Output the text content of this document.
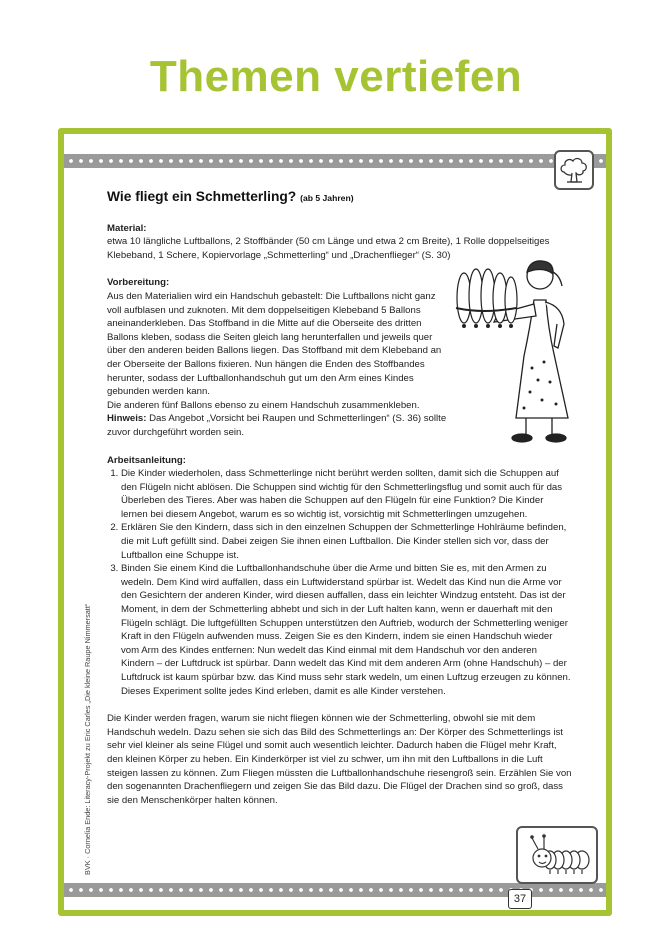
Themen vertiefen
37
BVK · Cornelia Ende: Literacy-Projekt zu Eric Carles „Die kleine Raupe Nimmersatt“
Wie fliegt ein Schmetterling? (ab 5 Jahren)

Material:

etwa 10 längliche Luftballons, 2 Stoffbänder (50 cm Länge und etwa 2 cm Breite), 1 Rolle doppelseitiges Klebeband, 1 Schere, Kopiervorlage „Schmetterling“ und „Drachenflieger“ (S. 30)

Vorbereitung:

Aus den Materialien wird ein Handschuh gebastelt: Die Luftballons nicht ganz voll aufblasen und zuknoten. Mit dem doppelseitigen Klebeband 5 Ballons aneinanderkleben. Das Stoffband in die Mitte auf die Oberseite des dritten Ballons kleben, sodass die Seiten gleich lang herunterfallen und jeweils quer über den anderen beiden Ballons liegen. Das Stoffband mit dem Klebeband an der Oberseite der Ballons fixieren. Nun hängen die Enden des Stoffbandes herunter, sodass der Luftballonhandschuh gut um den Arm eines Kindes gebunden werden kann.

Die anderen fünf Ballons ebenso zu einem Handschuh zusammenkleben.

Hinweis: Das Angebot „Vorsicht bei Raupen und Schmetterlingen“ (S. 36) sollte zuvor durchgeführt worden sein.

Arbeitsanleitung:

1. Die Kinder wiederholen, dass Schmetterlinge nicht berührt werden sollten, damit sich die Schuppen auf den Flügeln nicht ablösen. Die Schuppen sind wichtig für den Schmetterlingsflug und somit auch für das Überleben des Tieres. Aber was haben die Schuppen auf den Flügeln für eine Funktion? Die Kinder lernen bei diesem Angebot, warum es so wichtig ist, vorsichtig mit Schmetterlingen umzugehen.
2. Erklären Sie den Kindern, dass sich in den einzelnen Schuppen der Schmetterlinge Hohlräume befinden, die mit Luft gefüllt sind. Dabei zeigen Sie ihnen einen Luftballon. Die Kinder stellen sich vor, dass der Luftballon eine Schuppe ist.
3. Binden Sie einem Kind die Luftballonhandschuhe über die Arme und bitten Sie es, mit den Armen zu wedeln. Dem Kind wird auffallen, dass ein Luftwiderstand spürbar ist. Wedelt das Kind nun die Arme vor den Gesichtern der anderen Kinder, wird diesen auffallen, dass ein leichter Windzug entsteht. Das ist der Moment, in dem der Schmetterling abhebt und sich in der Luft halten kann, wenn er dauerhaft mit den Flügeln schlägt. Die luftgefüllten Schuppen unterstützen den Auftrieb, wodurch der Schmetterling weniger Kraft in den Flügeln aufwenden muss. Zeigen Sie es den Kindern, indem sie einen Handschuh wieder vom Arm des Kindes entfernen: Nun wedelt das Kind einmal mit dem Handschuh vor den anderen Kindern – der Luftdruck ist spürbar. Dann wedelt das Kind mit dem anderen Arm (ohne Handschuh) – der Luftdruck ist kaum spürbar bzw. das Kind muss sehr stark wedeln, um einen Luftzug erzeugen zu können.

Dieses Experiment sollte jedes Kind erleben, damit es alle Kinder verstehen.

Die Kinder werden fragen, warum sie nicht fliegen können wie der Schmetterling, obwohl sie mit dem Handschuh wedeln. Dazu sehen sie sich das Bild des Schmetterlings an: Der Körper des Schmetterlings ist sehr viel kleiner als seine Flügel und somit auch wesentlich leichter. Dadurch haben die Flügel mehr Kraft, den kleinen Körper zu heben. Ein Kinderkörper ist viel zu schwer, um ihn mit den Luftballons in die Luft steigen lassen zu können. Zum Fliegen müssten die Luftballonhandschuhe riesengroß sein. Erzählen Sie von den sogenannten Drachenfliegern und zeigen Sie das Bild dazu. Die Flügel der Drachen sind so groß, dass sie den Menschenkörper halten können.
